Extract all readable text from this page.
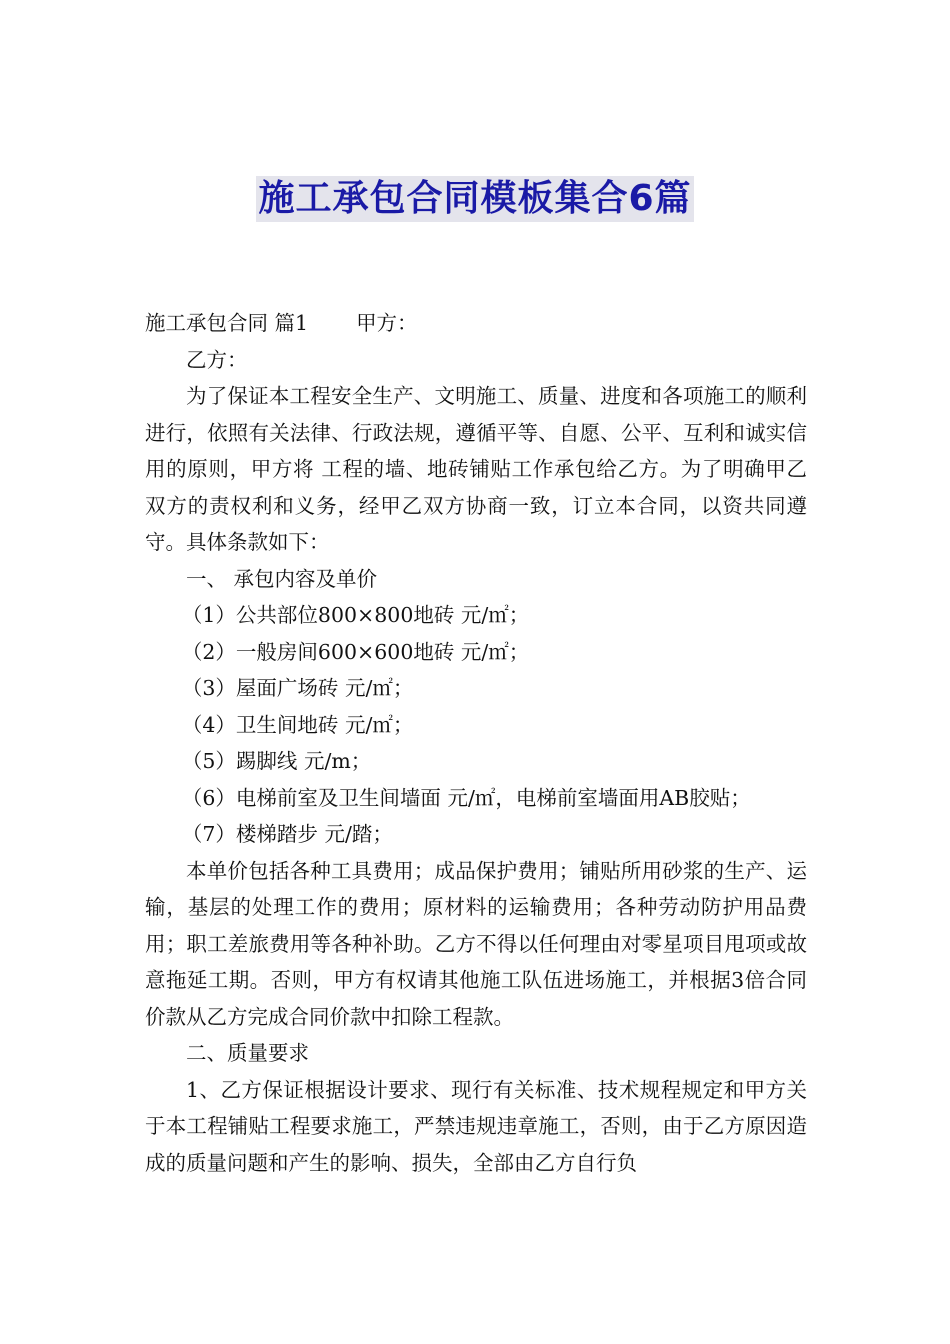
施工承包合同模板集合6篇

施工承包合同 篇1 甲方：

乙方：

为了保证本工程安全生产、文明施工、质量、进度和各项施工的顺利进行，依照有关法律、行政法规，遵循平等、自愿、公平、互利和诚实信用的原则，甲方将 工程的墙、地砖铺贴工作承包给乙方。为了明确甲乙双方的责权利和义务，经甲乙双方协商一致，订立本合同，以资共同遵守。具体条款如下：

一、 承包内容及单价

（1）公共部位800×800地砖 元/㎡；

（2）一般房间600×600地砖 元/㎡；

（3）屋面广场砖 元/㎡；

（4）卫生间地砖 元/㎡；

（5）踢脚线 元/m；

（6）电梯前室及卫生间墙面 元/㎡，电梯前室墙面用AB胶贴；

（7）楼梯踏步 元/踏；

本单价包括各种工具费用；成品保护费用；铺贴所用砂浆的生产、运输，基层的处理工作的费用；原材料的运输费用；各种劳动防护用品费用；职工差旅费用等各种补助。乙方不得以任何理由对零星项目甩项或故意拖延工期。否则，甲方有权请其他施工队伍进场施工，并根据3倍合同价款从乙方完成合同价款中扣除工程款。

二、质量要求

1、乙方保证根据设计要求、现行有关标准、技术规程规定和甲方关于本工程铺贴工程要求施工，严禁违规违章施工，否则，由于乙方原因造成的质量问题和产生的影响、损失，全部由乙方自行负
